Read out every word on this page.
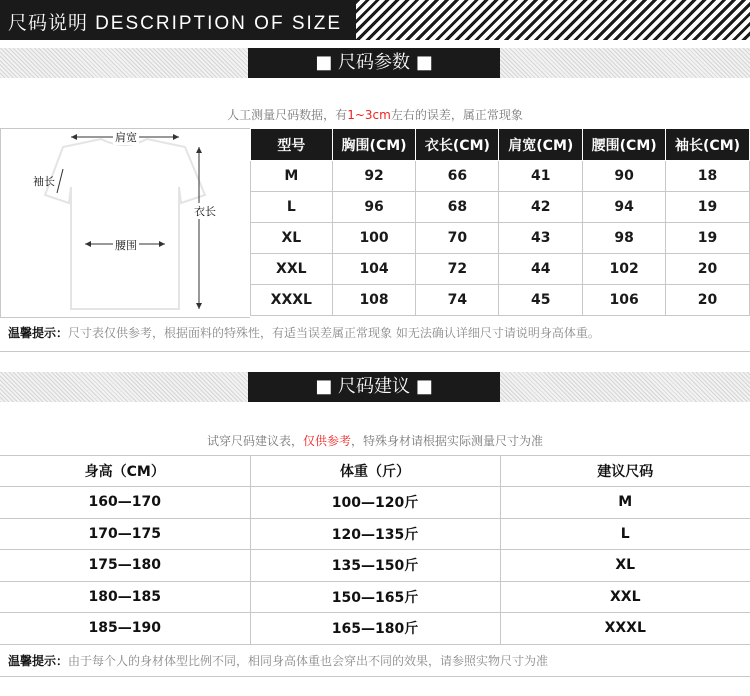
尺码说明 DESCRIPTION OF SIZE
■ 尺码参数 ■
人工测量尺码数据，有1~3cm左右的误差，属正常现象
肩宽
袖长
衣长
腰围
型号	胸围(CM)	衣长(CM)	肩宽(CM)	腰围(CM)	袖长(CM)
M	92	66	41	90	18
L	96	68	42	94	19
XL	100	70	43	98	19
XXL	104	72	44	102	20
XXXL	108	74	45	106	20
温馨提示：尺寸表仅供参考，根据面料的特殊性，有适当误差属正常现象 如无法确认详细尺寸请说明身高体重。
■ 尺码建议 ■
试穿尺码建议表，仅供参考，特殊身材请根据实际测量尺寸为准
身高（CM）	体重（斤）	建议尺码
160—170	100—120斤	M
170—175	120—135斤	L
175—180	135—150斤	XL
180—185	150—165斤	XXL
185—190	165—180斤	XXXL
温馨提示：由于每个人的身材体型比例不同，相同身高体重也会穿出不同的效果，请参照实物尺寸为准
